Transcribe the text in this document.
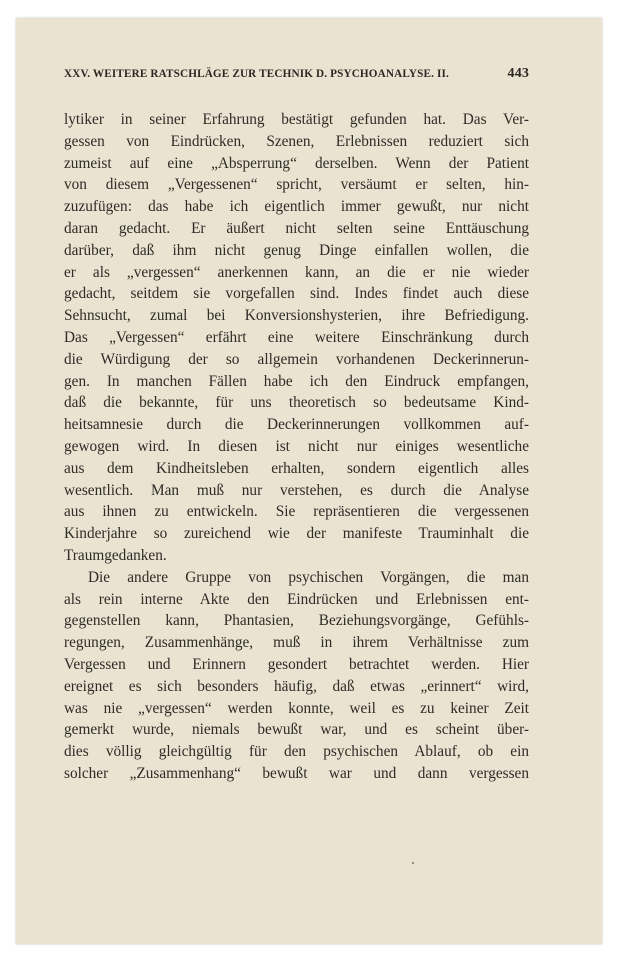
XXV. WEITERE RATSCHLÄGE ZUR TECHNIK D. PSYCHOANALYSE. II.	443
lytiker in seiner Erfahrung bestätigt gefunden hat. Das Ver-
gessen von Eindrücken, Szenen, Erlebnissen reduziert sich
zumeist auf eine „Absperrung“ derselben. Wenn der Patient
von diesem „Vergessenen“ spricht, versäumt er selten, hin-
zuzufügen: das habe ich eigentlich immer gewußt, nur nicht
daran gedacht. Er äußert nicht selten seine Enttäuschung
darüber, daß ihm nicht genug Dinge einfallen wollen, die
er als „vergessen“ anerkennen kann, an die er nie wieder
gedacht, seitdem sie vorgefallen sind. Indes findet auch diese
Sehnsucht, zumal bei Konversionshysterien, ihre Befriedigung.
Das „Vergessen“ erfährt eine weitere Einschränkung durch
die Würdigung der so allgemein vorhandenen Deckerinnerun-
gen. In manchen Fällen habe ich den Eindruck empfangen,
daß die bekannte, für uns theoretisch so bedeutsame Kind-
heitsamnesie durch die Deckerinnerungen vollkommen auf-
gewogen wird. In diesen ist nicht nur einiges wesentliche
aus dem Kindheitsleben erhalten, sondern eigentlich alles
wesentlich. Man muß nur verstehen, es durch die Analyse
aus ihnen zu entwickeln. Sie repräsentieren die vergessenen
Kinderjahre so zureichend wie der manifeste Trauminhalt die
Traumgedanken.
Die andere Gruppe von psychischen Vorgängen, die man
als rein interne Akte den Eindrücken und Erlebnissen ent-
gegenstellen kann, Phantasien, Beziehungsvorgänge, Gefühls-
regungen, Zusammenhänge, muß in ihrem Verhältnisse zum
Vergessen und Erinnern gesondert betrachtet werden. Hier
ereignet es sich besonders häufig, daß etwas „erinnert“ wird,
was nie „vergessen“ werden konnte, weil es zu keiner Zeit
gemerkt wurde, niemals bewußt war, und es scheint über-
dies völlig gleichgültig für den psychischen Ablauf, ob ein
solcher „Zusammenhang“ bewußt war und dann vergessen
